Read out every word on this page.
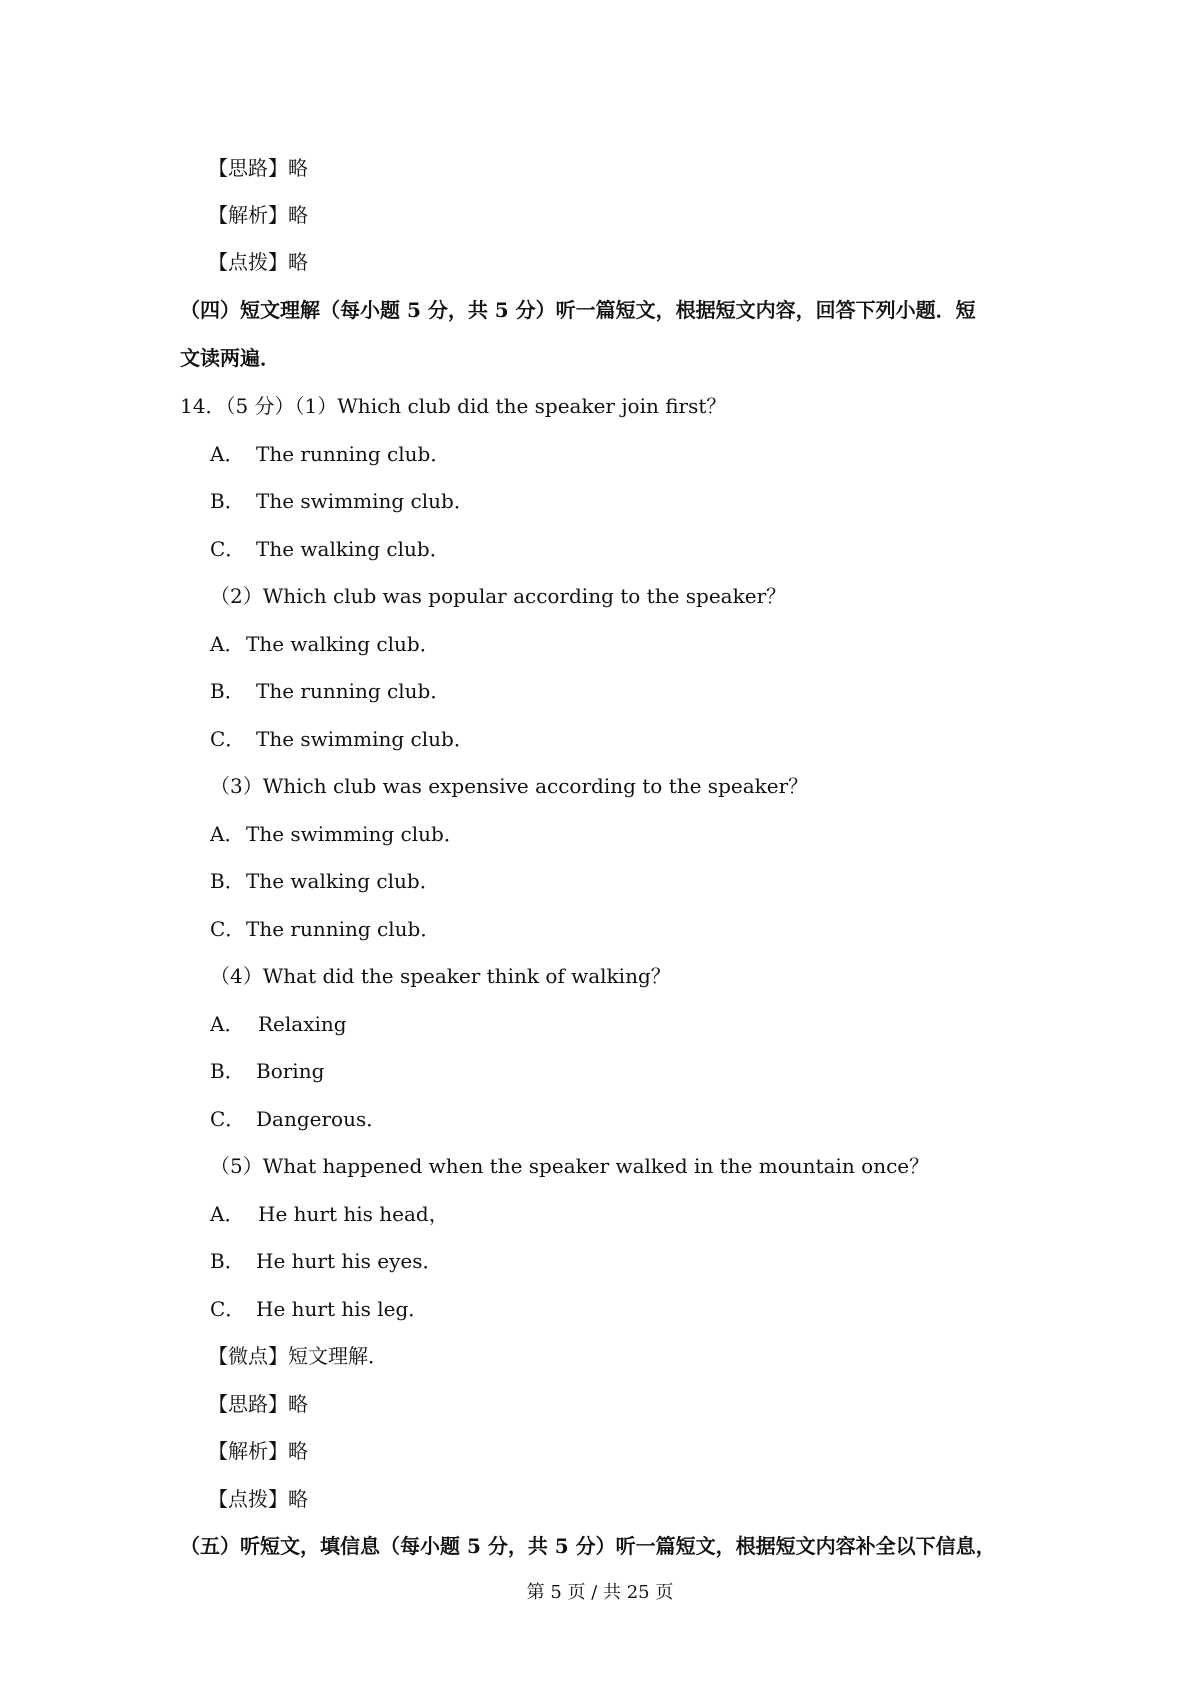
【思路】略
【解析】略
【点拨】略
（四）短文理解（每小题 5 分，共 5 分）听一篇短文，根据短文内容，回答下列小题．短
文读两遍．
14．（5 分）（1）Which club did the speaker join first？
A． The running club．
B． The swimming club．
C． The walking club．
（2）Which club was popular according to the speaker？
A．The walking club．
B． The running club．
C． The swimming club．
（3）Which club was expensive according to the speaker？
A．The swimming club．
B．The walking club．
C．The running club．
（4）What did the speaker think of walking？
A． Relaxing
B． Boring
C． Dangerous．
（5）What happened when the speaker walked in the mountain once？
A． He hurt his head，
B． He hurt his eyes．
C． He hurt his leg．
【微点】短文理解．
【思路】略
【解析】略
【点拨】略
（五）听短文，填信息（每小题 5 分，共 5 分）听一篇短文，根据短文内容补全以下信息，
第 5 页 / 共 25 页
